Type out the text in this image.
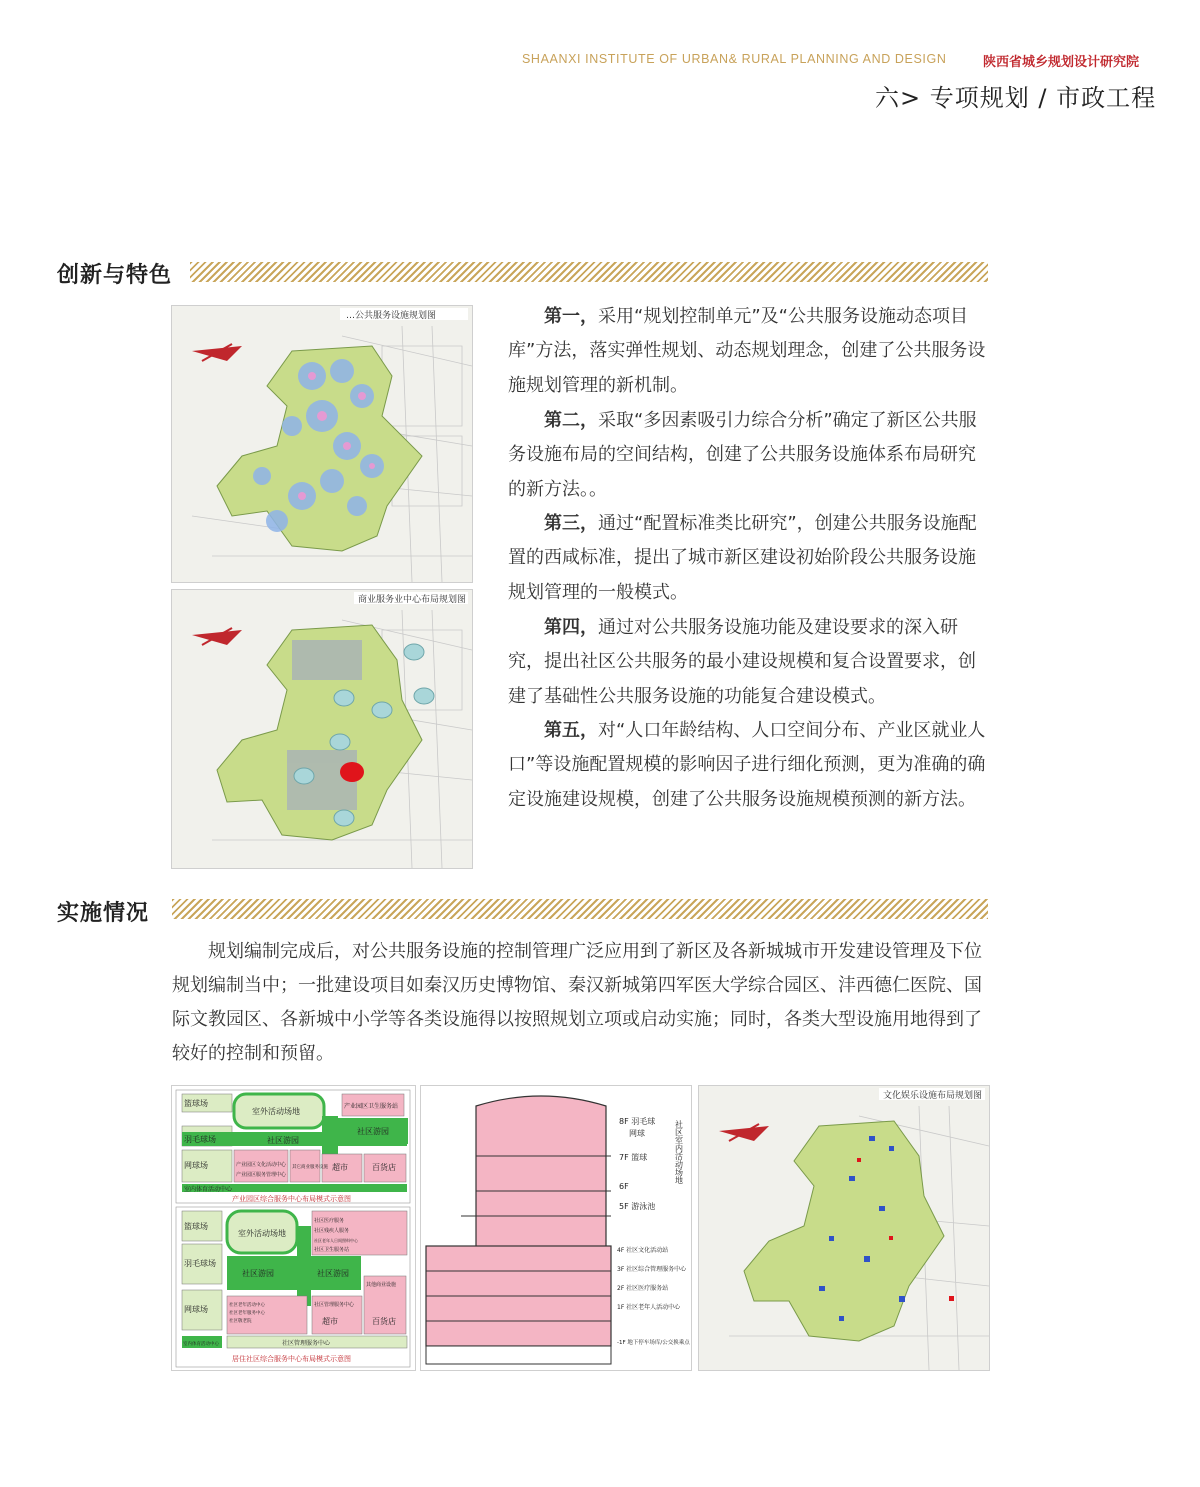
SHAANXI INSTITUTE OF URBAN& RURAL PLANNING AND DESIGN	陕西省城乡规划设计研究院
六> 专项规划 / 市政工程
创新与特色
…公共服务设施规划图
商业服务业中心布局规划图

第一，采用“规划控制单元”及“公共服务设施动态项目库”方法，落实弹性规划、动态规划理念，创建了公共服务设施规划管理的新机制。

第二，采取“多因素吸引力综合分析”确定了新区公共服务设施布局的空间结构，创建了公共服务设施体系布局研究的新方法。。

第三，通过“配置标准类比研究”，创建公共服务设施配置的西咸标准，提出了城市新区建设初始阶段公共服务设施规划管理的一般模式。

第四，通过对公共服务设施功能及建设要求的深入研究，提出社区公共服务的最小建设规模和复合设置要求，创建了基础性公共服务设施的功能复合建设模式。

第五，对“人口年龄结构、人口空间分布、产业区就业人口”等设施配置规模的影响因子进行细化预测，更为准确的确定设施建设规模，创建了公共服务设施规模预测的新方法。

实施情况

规划编制完成后，对公共服务设施的控制管理广泛应用到了新区及各新城城市开发建设管理及下位规划编制当中；一批建设项目如秦汉历史博物馆、秦汉新城第四军医大学综合园区、沣西德仁医院、国际文教园区、各新城中小学等各类设施得以按照规划立项或启动实施；同时，各类大型设施用地得到了较好的控制和预留。

篮球场
室外活动场地
产业园区卫生服务站
羽毛球场	社区游园
社区游园
网球场	产业园区文化活动中心
产业园区服务管理中心
其它商业服务设施 超市	百货店
室内体育活动中心
产业园区综合服务中心布局模式示意图
篮球场
室外活动场地
社区医疗服务
社区残疾人服务
社区老年人日间照料中心
社区卫生服务站
其他商业设施
羽毛球场
社区游园	社区游园
网球场	社区老年活动中心
社区老年服务中心
社区敬老院
社区管理服务中心
超市	百货店
室内体育活动中心	社区管理服务中心
居住社区综合服务中心布局模式示意图
8F 羽毛球
网球
7F 篮球
6F
5F 游泳池
社区室内活动场地
4F 社区文化活动站
3F 社区综合管理服务中心
2F 社区医疗服务站
1F 社区老年人活动中心
-1F 地下停车场库/公交换乘点
文化娱乐设施布局规划图
